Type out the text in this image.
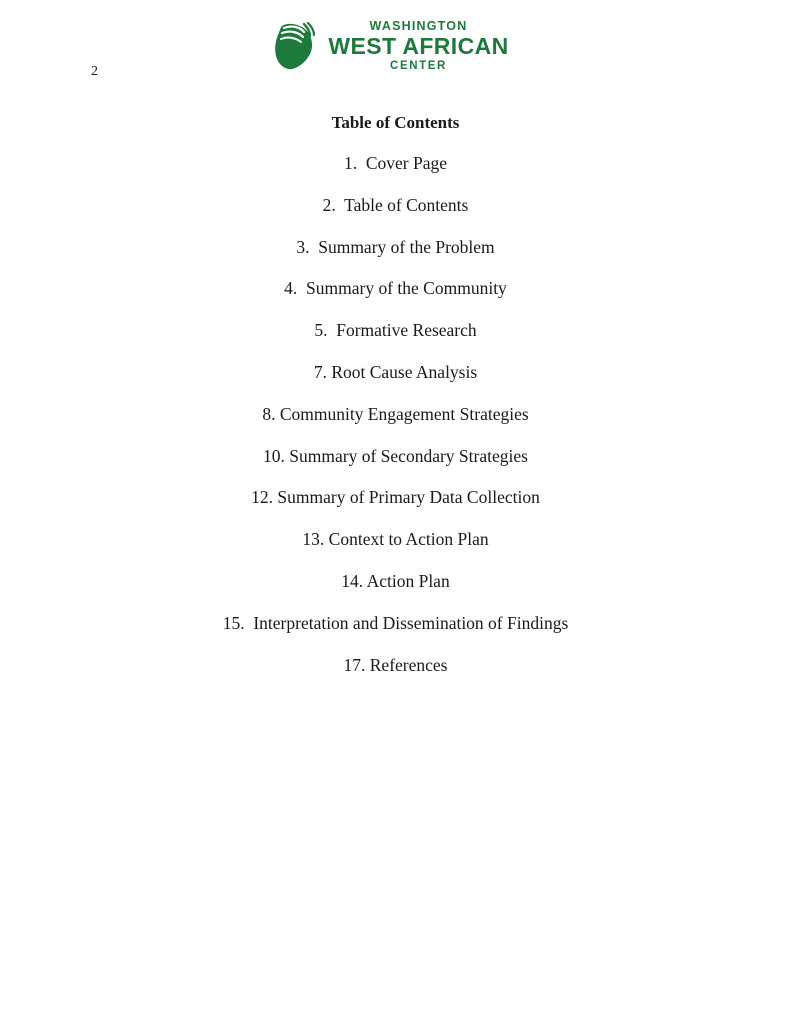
2
WASHINGTON
WEST AFRICAN
CENTER
Table of Contents
1.  Cover Page
2.  Table of Contents
3.  Summary of the Problem
4.  Summary of the Community
5.  Formative Research
7. Root Cause Analysis
8. Community Engagement Strategies
10. Summary of Secondary Strategies
12. Summary of Primary Data Collection
13. Context to Action Plan
14. Action Plan
15.  Interpretation and Dissemination of Findings
17. References
